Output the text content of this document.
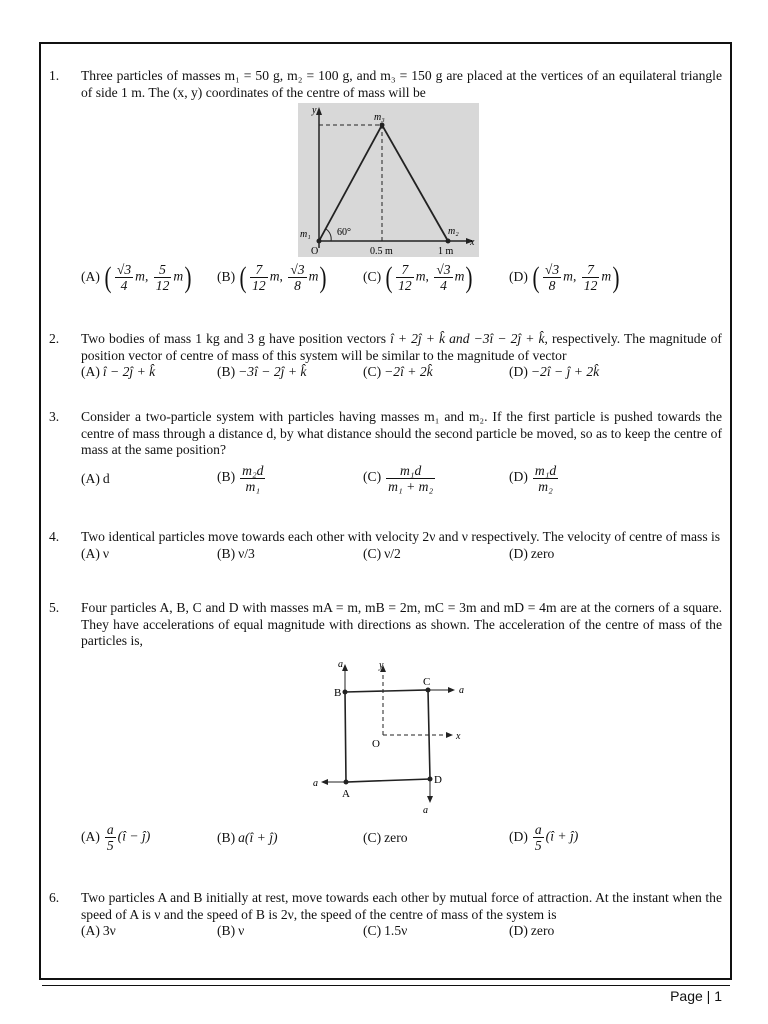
1. Three particles of masses m₁ = 50 g, m₂ = 100 g, and m₃ = 150 g are placed at the vertices of an equilateral triangle of side 1 m. The (x, y) coordinates of the centre of mass will be
y
m₃
m₁	m₂
60°
O	0.5 m	1 m
x
(A) ( $\frac{√3}{4} m$, $\frac{5}{12} m$) (B) ( $\frac{7}{12} m$, $\frac{√3}{8} m$)	(C) ( $\frac{7}{12} m$, $\frac{√3}{4} m$)	(D) ( $\frac{√3}{8} m$, $\frac{7}{12} m$)
2. Two bodies of mass 1 kg and 3 g have position vectors î + 2ĵ + k̂ and −3î − 2ĵ + k̂, respectively. The magnitude of position vector of centre of mass of this system will be similar to the magnitude of vector
(A) î − 2ĵ + k̂	(B) −3î − 2ĵ + k̂	(C) −2î + 2k̂	(D) −2î − ĵ + 2k̂
3. Consider a two-particle system with particles having masses m₁ and m₂. If the first particle is pushed towards the centre of mass through a distance d, by what distance should the second particle be moved, so as to keep the centre of mass at the same position?
(A) d	$(B) \frac{\text{m₂d}}{\text{m₁}}$	$(C) \frac{\text{m₁d}}{\text{m₁ + m₂}}$	$(D) \frac{\text{m₁d}}{\text{m₂}}$
4. Two identical particles move towards each other with velocity 2ν and ν respectively. The velocity of centre of mass is
(A) ν	(B) ν/3	(C) ν/2	(D) zero
5. Four particles A, B, C and D with masses mA = m, mB = 2m, mC = 3m and mD = 4m are at the corners of a square. They have accelerations of equal magnitude with directions as shown. The acceleration of the centre of mass of the particles is,
a⃗	y
a⃗
x
a⃗
a⃗
B
C
D
A
O
$(A) \frac{a}{5}$ (î − ĵ)	(B) a(î + ĵ)	(C) zero	$(D) \frac{a}{5}$ (î + ĵ)
6. Two particles A and B initially at rest, move towards each other by mutual force of attraction. At the instant when the speed of A is ν and the speed of B is 2ν, the speed of the centre of mass of the system is
(A) 3ν	(B) ν	(C) 1.5ν	(D) zero
Page | 1
